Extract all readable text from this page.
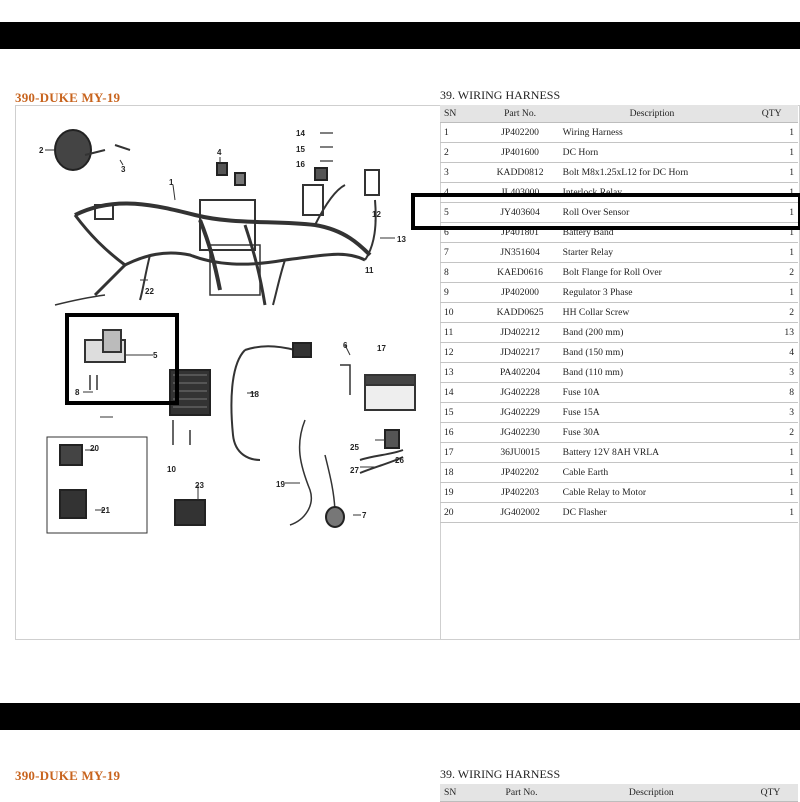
390-DUKE MY-19	39. WIRING HARNESS
1
2
3
4
5
6
7
8
10
11
12
13
14
15
16
17
18
19
20
21
22
23
25
26
27
SN	Part No.	Description	QTY
1	JP402200	Wiring Harness	1
2	JP401600	DC Horn	1
3	KADD0812	Bolt M8x1.25xL12 for DC Horn	1
4	JL403000	Interlock Relay	1
5	JY403604	Roll Over Sensor	1
6	JP401801	Battery Band	1
7	JN351604	Starter Relay	1
8	KAED0616	Bolt Flange for Roll Over	2
9	JP402000	Regulator 3 Phase	1
10	KADD0625	HH Collar Screw	2
11	JD402212	Band (200 mm)	13
12	JD402217	Band (150 mm)	4
13	PA402204	Band (110 mm)	3
14	JG402228	Fuse 10A	8
15	JG402229	Fuse 15A	3
16	JG402230	Fuse 30A	2
17	36JU0015	Battery 12V 8AH VRLA	1
18	JP402202	Cable Earth	1
19	JP402203	Cable Relay to Motor	1
20	JG402002	DC Flasher	1
390-DUKE MY-19	39. WIRING HARNESS
SN	Part No.	Description	QTY
